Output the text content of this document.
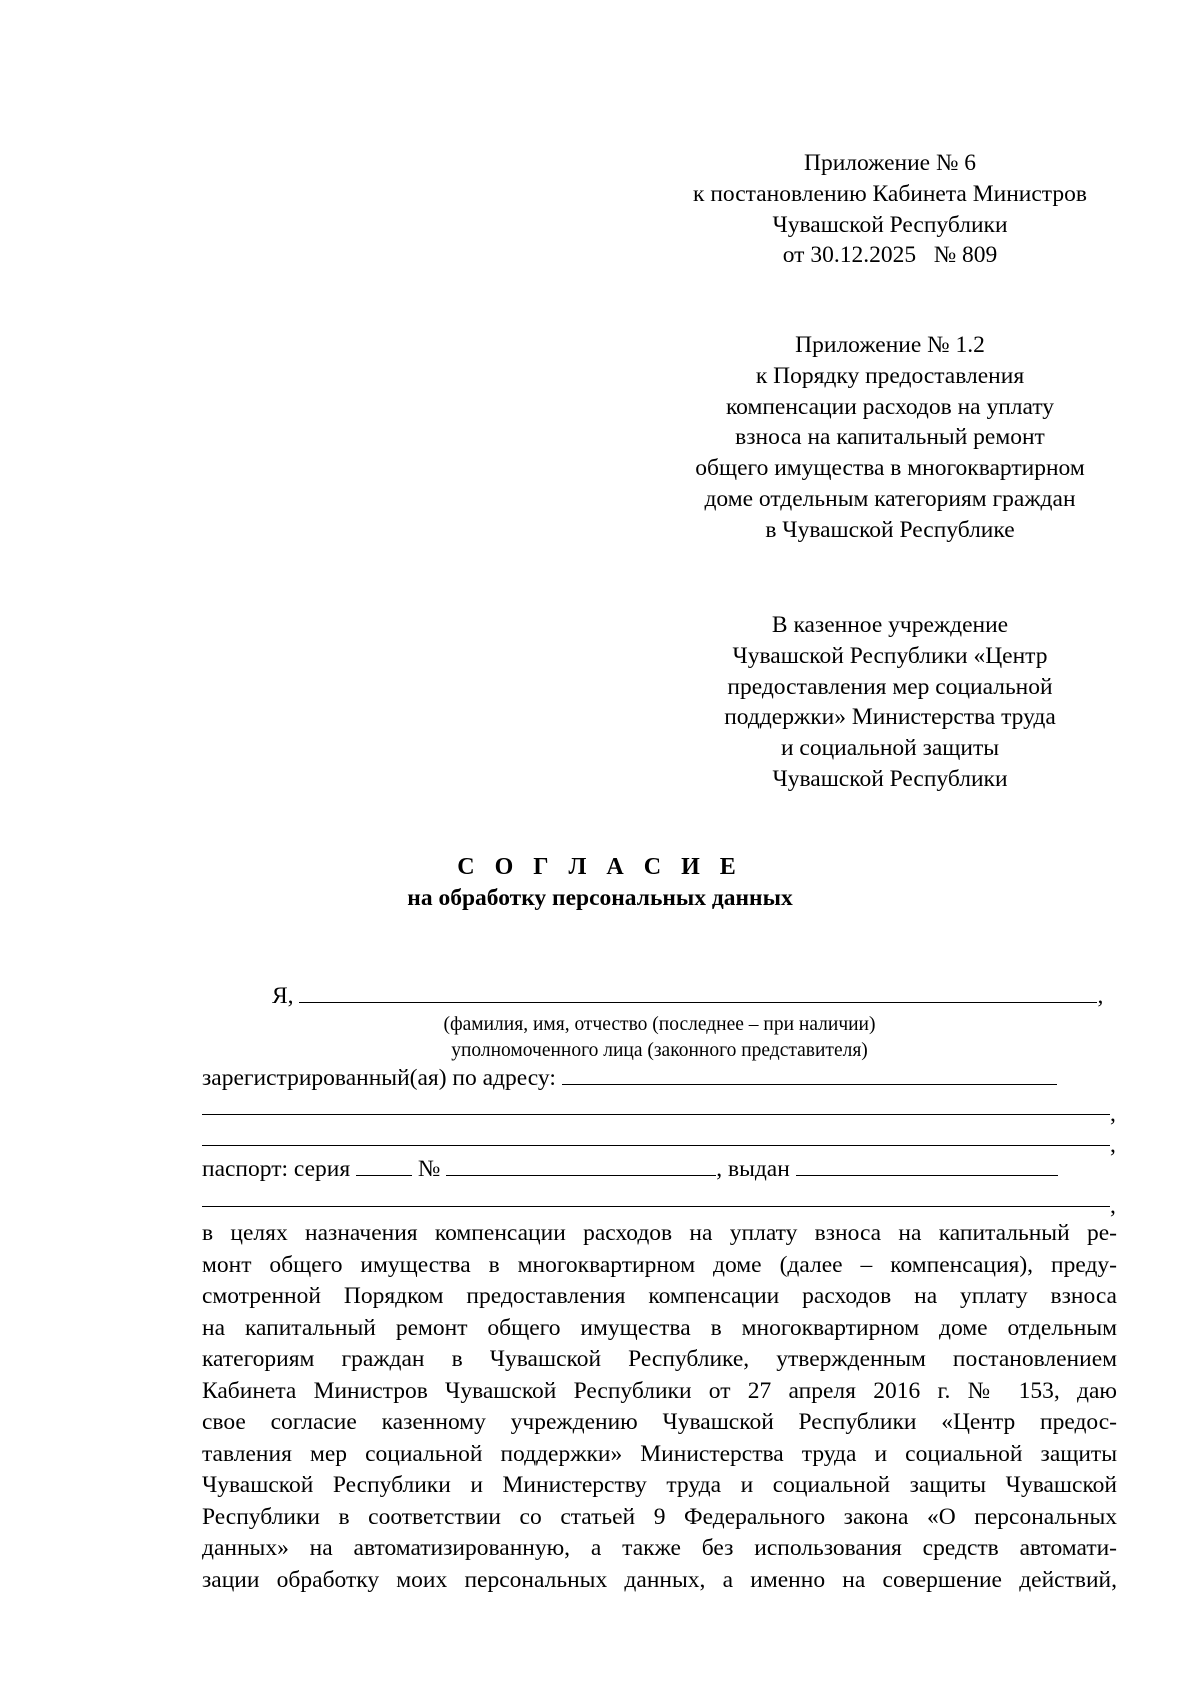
Приложение № 6
к постановлению Кабинета Министров
Чувашской Республики
от 30.12.2025   № 809
Приложение № 1.2
к Порядку предоставления
компенсации расходов на уплату
взноса на капитальный ремонт
общего имущества в многоквартирном
доме отдельным категориям граждан
в Чувашской Республике
В казенное учреждение
Чувашской Республики «Центр
предоставления мер социальной
поддержки» Министерства труда
и социальной защиты
Чувашской Республики
С О Г Л А С И Е
на обработку персональных данных
Я,	,
(фамилия, имя, отчество (последнее – при наличии)
уполномоченного лица (законного представителя)
зарегистрированный(ая) по адресу:
,
,
паспорт: серия	№	, выдан
,
в целях назначения компенсации расходов на уплату взноса на капитальный ре-
монт общего имущества в многоквартирном доме (далее – компенсация), преду-
смотренной Порядком предоставления компенсации расходов на уплату взноса
на капитальный ремонт общего имущества в многоквартирном доме отдельным
категориям граждан в Чувашской Республике, утвержденным постановлением
Кабинета Министров Чувашской Республики от 27 апреля 2016 г. № 153, даю
свое согласие казенному учреждению Чувашской Республики «Центр предос-
тавления мер социальной поддержки» Министерства труда и социальной защиты
Чувашской Республики и Министерству труда и социальной защиты Чувашской
Республики в соответствии со статьей 9 Федерального закона «О персональных
данных» на автоматизированную, а также без использования средств автомати-
зации обработку моих персональных данных, а именно на совершение действий,
